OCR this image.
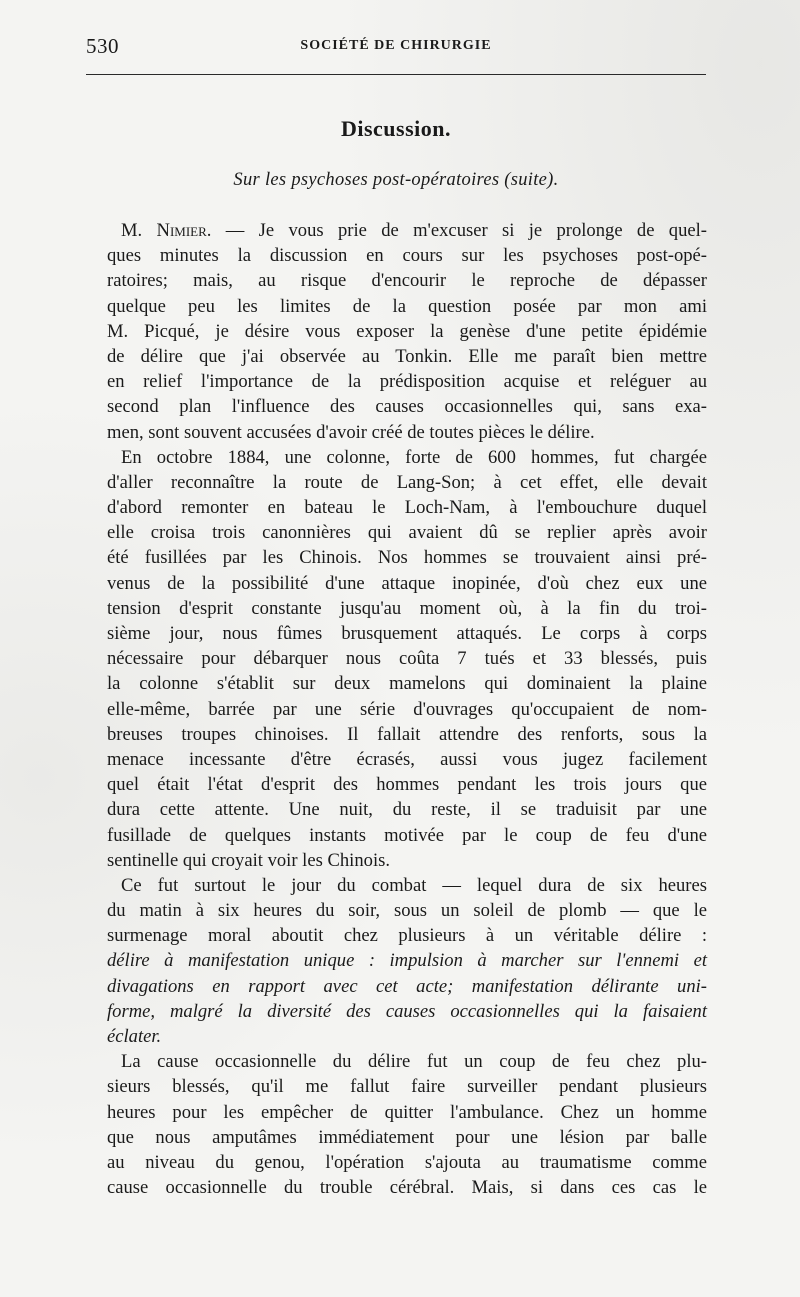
530	SOCIÉTÉ DE CHIRURGIE
Discussion.
Sur les psychoses post-opératoires (suite).
M. Nimier. — Je vous prie de m'excuser si je prolonge de quel-
ques minutes la discussion en cours sur les psychoses post-opé-
ratoires; mais, au risque d'encourir le reproche de dépasser
quelque peu les limites de la question posée par mon ami
M. Picqué, je désire vous exposer la genèse d'une petite épidémie
de délire que j'ai observée au Tonkin. Elle me paraît bien mettre
en relief l'importance de la prédisposition acquise et reléguer au
second plan l'influence des causes occasionnelles qui, sans exa-
men, sont souvent accusées d'avoir créé de toutes pièces le délire.
En octobre 1884, une colonne, forte de 600 hommes, fut chargée
d'aller reconnaître la route de Lang-Son; à cet effet, elle devait
d'abord remonter en bateau le Loch-Nam, à l'embouchure duquel
elle croisa trois canonnières qui avaient dû se replier après avoir
été fusillées par les Chinois. Nos hommes se trouvaient ainsi pré-
venus de la possibilité d'une attaque inopinée, d'où chez eux une
tension d'esprit constante jusqu'au moment où, à la fin du troi-
sième jour, nous fûmes brusquement attaqués. Le corps à corps
nécessaire pour débarquer nous coûta 7 tués et 33 blessés, puis
la colonne s'établit sur deux mamelons qui dominaient la plaine
elle-même, barrée par une série d'ouvrages qu'occupaient de nom-
breuses troupes chinoises. Il fallait attendre des renforts, sous la
menace incessante d'être écrasés, aussi vous jugez facilement
quel était l'état d'esprit des hommes pendant les trois jours que
dura cette attente. Une nuit, du reste, il se traduisit par une
fusillade de quelques instants motivée par le coup de feu d'une
sentinelle qui croyait voir les Chinois.
Ce fut surtout le jour du combat — lequel dura de six heures
du matin à six heures du soir, sous un soleil de plomb — que le
surmenage moral aboutit chez plusieurs à un véritable délire :
délire à manifestation unique : impulsion à marcher sur l'ennemi et
divagations en rapport avec cet acte; manifestation délirante uni-
forme, malgré la diversité des causes occasionnelles qui la faisaient
éclater.
La cause occasionnelle du délire fut un coup de feu chez plu-
sieurs blessés, qu'il me fallut faire surveiller pendant plusieurs
heures pour les empêcher de quitter l'ambulance. Chez un homme
que nous amputâmes immédiatement pour une lésion par balle
au niveau du genou, l'opération s'ajouta au traumatisme comme
cause occasionnelle du trouble cérébral. Mais, si dans ces cas le
